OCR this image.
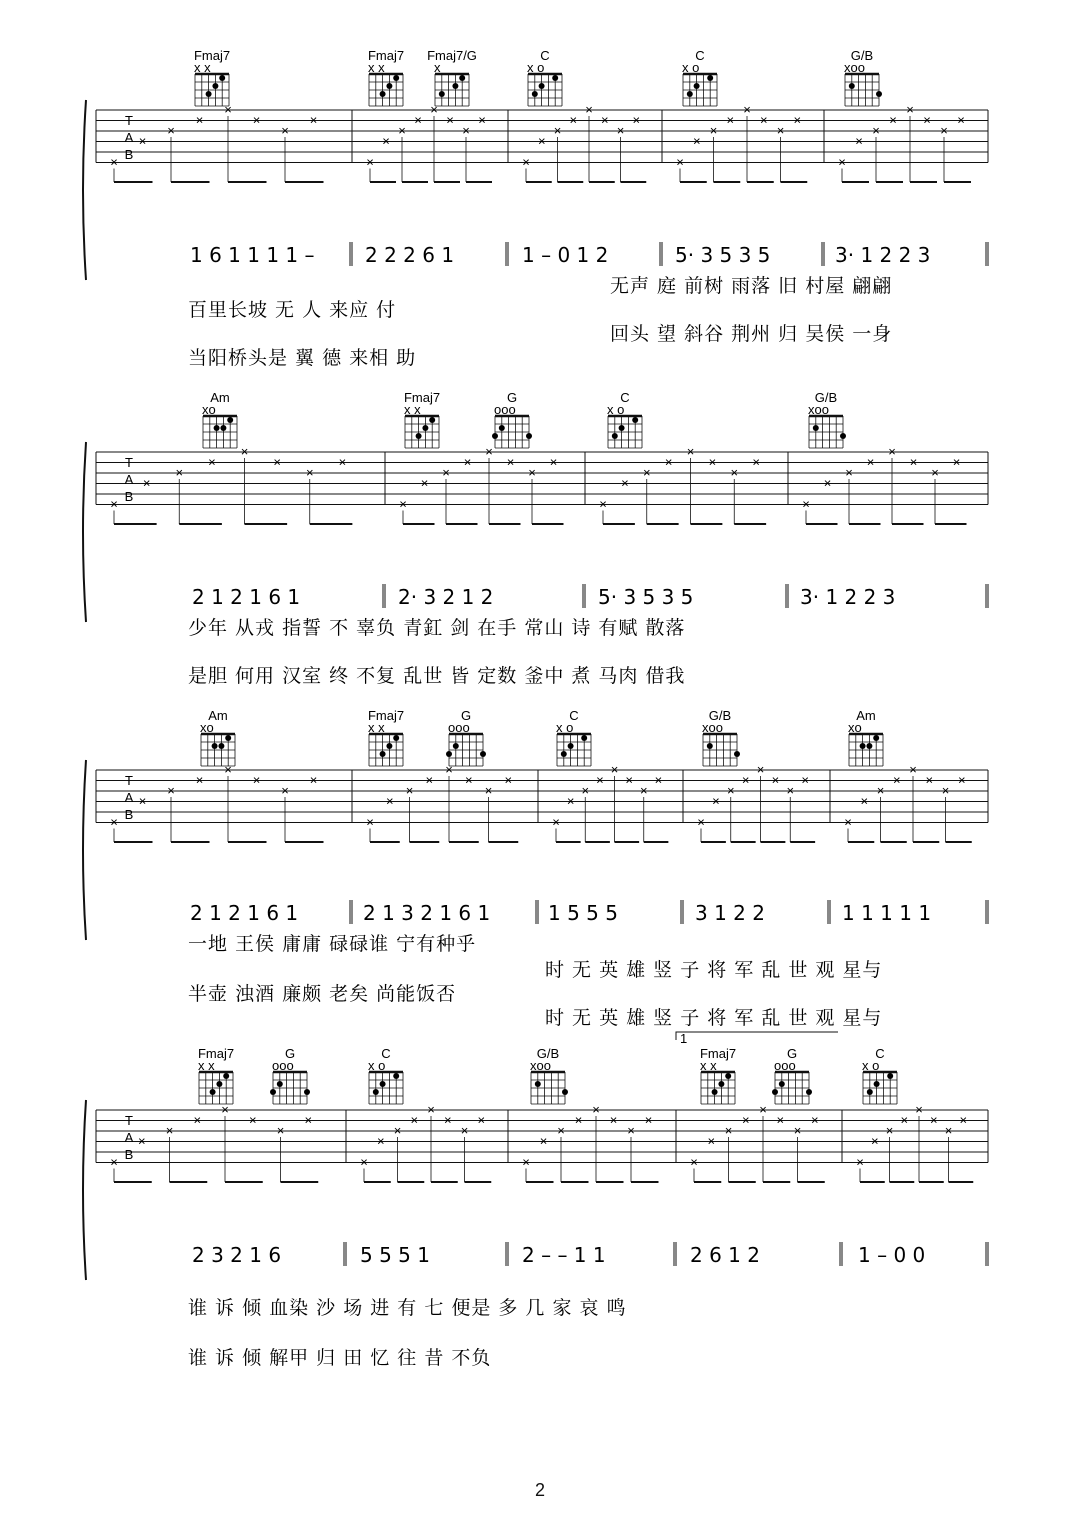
T
A
B
×
×
×
×
×
×
×
×
×
×
×
×
×
×
×
×
×
×
×
×
×
×
×
×
×
×
×
×
×
×
×
×
×
×
×
×
×
×
×
×
Fmaj7
x x
Fmaj7
x x
Fmaj7/G
x
C
x o
C
x o
G/B
xoo
1 6 1 1 1 1 –	2 2 2 6 1	1 – 0 1 2	5· 3 5 3 5	3· 1 2 2 3
无声 庭 前树 雨落 旧 村屋 翩翩
百里长坡 无 人 来应 付
回头 望 斜谷 荆州 归 吴侯 一身
当阳桥头是 翼 德 来相 助
T
A
B
×
×
×
×
×
×
×
×
×
×
×
×
×
×
×
×
×
×
×
×
×
×
×
×
×
×
×
×
×
×
×
×
Am
xo
Fmaj7
x x
G
ooo
C
x o
G/B
xoo
2 1 2 1 6 1	2· 3 2 1 2	5· 3 5 3 5	3· 1 2 2 3
少年 从戎 指誓 不 辜负 青釭 剑 在手 常山 诗 有赋 散落
是胆 何用 汉室 终 不复 乱世 皆 定数 釜中 煮 马肉 借我
T
A
B
×
×
×
×
×
×
×
×
×
×
×
×
×
×
×
×
×
×
×
×
×
×
×
×
×
×
×
×
×
×
×
×
×
×
×
×
×
×
×
×
Am
xo
Fmaj7
x x
G
ooo
C
x o
G/B
xoo
Am
xo
2 1 2 1 6 1	2 1 3 2 1 6 1	1 5 5 5	3 1 2 2	1 1 1 1 1
一地 王侯 庸庸 碌碌谁 宁有种乎
时 无 英 雄 竖 子 将 军 乱 世 观 星与
半壶 浊酒 廉颇 老矣 尚能饭否
时 无 英 雄 竖 子 将 军 乱 世 观 星与
1
T
A
B
×
×
×
×
×
×
×
×
×
×
×
×
×
×
×
×
×
×
×
×
×
×
×
×
×
×
×
×
×
×
×
×
×
×
×
×
×
×
×
×
Fmaj7
x x
G
ooo
C
x o
G/B
xoo
Fmaj7
x x
G
ooo
C
x o
2 3 2 1 6	5 5 5 1	2 – – 1 1	2 6 1 2	1 – 0 0
谁 诉 倾 血染 沙 场 进 有 七 便是 多 几 家 哀 鸣
谁 诉 倾 解甲 归 田 忆 往 昔 不负
2
